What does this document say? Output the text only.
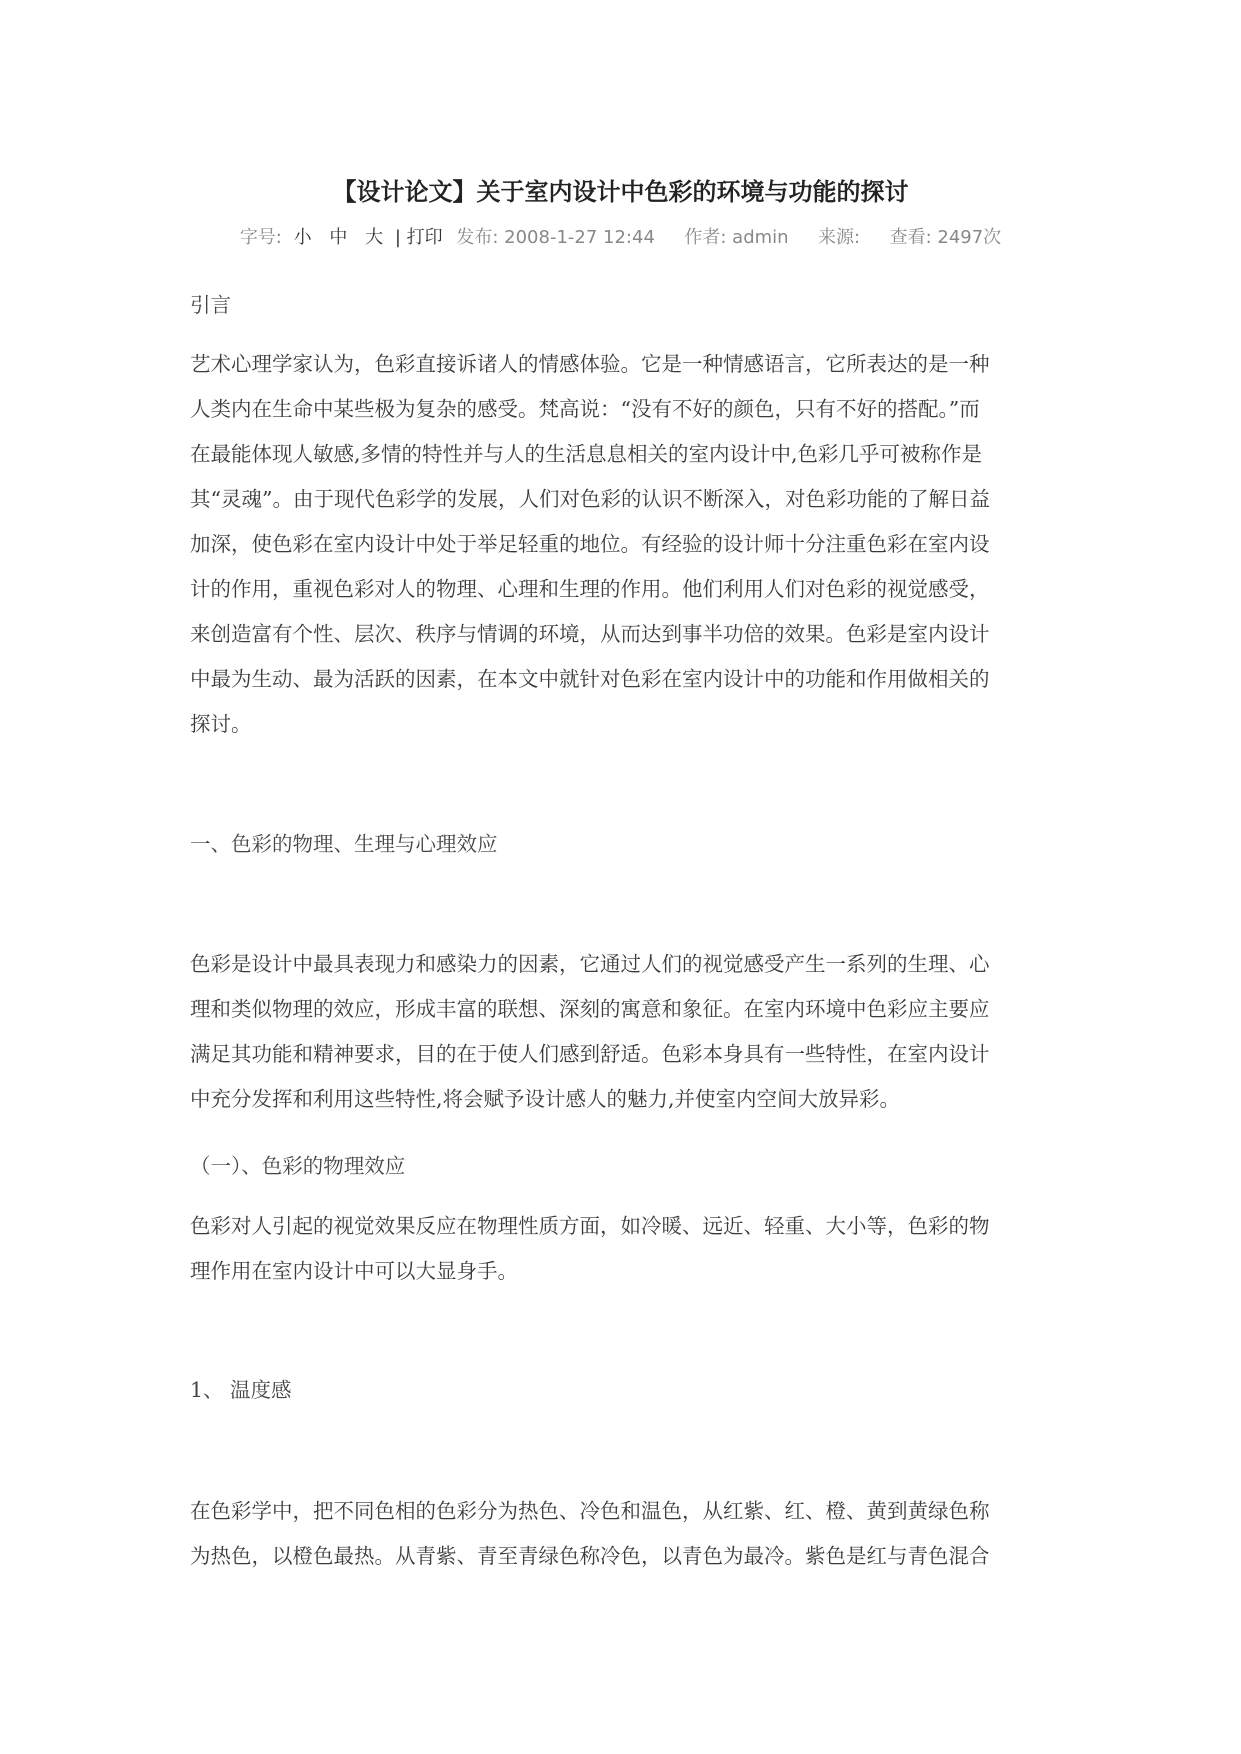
【设计论文】关于室内设计中色彩的环境与功能的探讨
字号: 小 中 大 | 打印 发布: 2008-1-27 12:44 作者: admin 来源: 查看: 2497次
引言
艺术心理学家认为，色彩直接诉诸人的情感体验。它是一种情感语言，它所表达的是一种
人类内在生命中某些极为复杂的感受。梵高说：“没有不好的颜色，只有不好的搭配。”而
在最能体现人敏感,多情的特性并与人的生活息息相关的室内设计中,色彩几乎可被称作是
其“灵魂”。由于现代色彩学的发展，人们对色彩的认识不断深入，对色彩功能的了解日益
加深，使色彩在室内设计中处于举足轻重的地位。有经验的设计师十分注重色彩在室内设
计的作用，重视色彩对人的物理、心理和生理的作用。他们利用人们对色彩的视觉感受，
来创造富有个性、层次、秩序与情调的环境，从而达到事半功倍的效果。色彩是室内设计
中最为生动、最为活跃的因素，在本文中就针对色彩在室内设计中的功能和作用做相关的
探讨。
一、色彩的物理、生理与心理效应
色彩是设计中最具表现力和感染力的因素，它通过人们的视觉感受产生一系列的生理、心
理和类似物理的效应，形成丰富的联想、深刻的寓意和象征。在室内环境中色彩应主要应
满足其功能和精神要求，目的在于使人们感到舒适。色彩本身具有一些特性，在室内设计
中充分发挥和利用这些特性,将会赋予设计感人的魅力,并使室内空间大放异彩。
（一）、色彩的物理效应
色彩对人引起的视觉效果反应在物理性质方面，如冷暖、远近、轻重、大小等，色彩的物
理作用在室内设计中可以大显身手。
1、 温度感
在色彩学中，把不同色相的色彩分为热色、冷色和温色，从红紫、红、橙、黄到黄绿色称
为热色，以橙色最热。从青紫、青至青绿色称冷色，以青色为最冷。紫色是红与青色混合
